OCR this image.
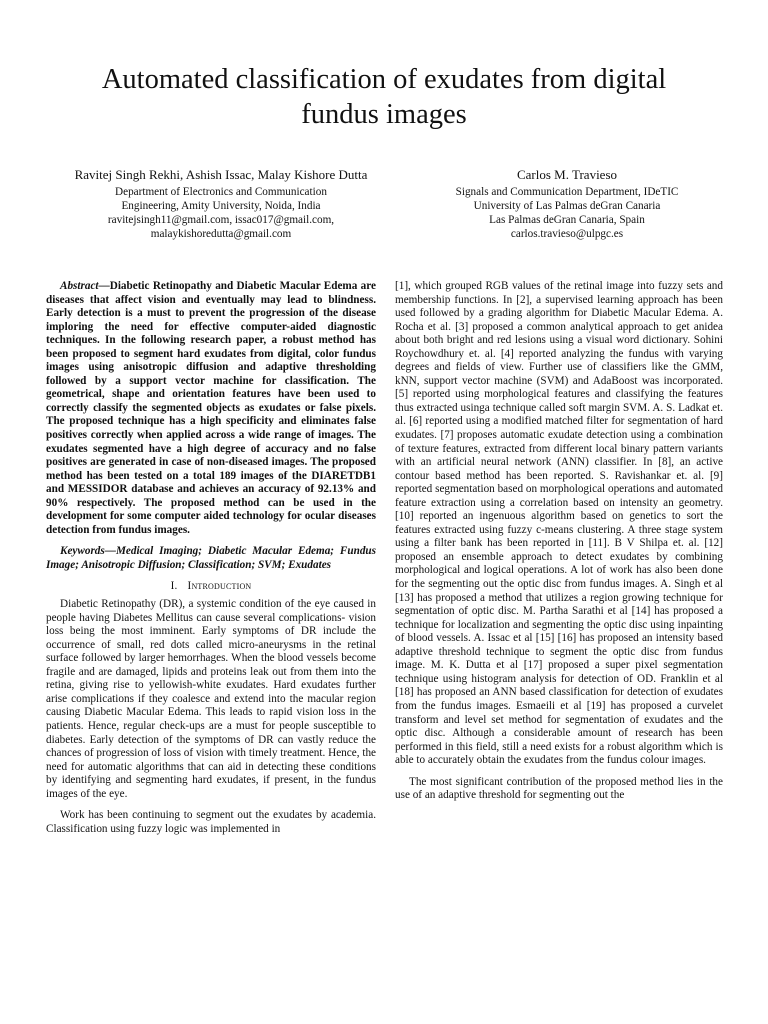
Automated classification of exudates from digital fundus images
Ravitej Singh Rekhi, Ashish Issac, Malay Kishore Dutta
Department of Electronics and Communication
Engineering, Amity University, Noida, India
ravitejsingh11@gmail.com, issac017@gmail.com,
malaykishoredutta@gmail.com
Carlos M. Travieso
Signals and Communication Department, IDeTIC
University of Las Palmas deGran Canaria
Las Palmas deGran Canaria, Spain
carlos.travieso@ulpgc.es

Abstract—Diabetic Retinopathy and Diabetic Macular Edema are diseases that affect vision and eventually may lead to blindness. Early detection is a must to prevent the progression of the disease imploring the need for effective computer-aided diagnostic techniques. In the following research paper, a robust method has been proposed to segment hard exudates from digital, color fundus images using anisotropic diffusion and adaptive thresholding followed by a support vector machine for classification. The geometrical, shape and orientation features have been used to correctly classify the segmented objects as exudates or false pixels. The proposed technique has a high specificity and eliminates false positives correctly when applied across a wide range of images. The exudates segmented have a high degree of accuracy and no false positives are generated in case of non-diseased images. The proposed method has been tested on a total 189 images of the DIARETDB1 and MESSIDOR database and achieves an accuracy of 92.13% and 90% respectively. The proposed method can be used in the development for some computer aided technology for ocular diseases detection from fundus images.

Keywords—Medical Imaging; Diabetic Macular Edema; Fundus Image; Anisotropic Diffusion; Classification; SVM; Exudates

I. Introduction

Diabetic Retinopathy (DR), a systemic condition of the eye caused in people having Diabetes Mellitus can cause several complications- vision loss being the most imminent. Early symptoms of DR include the occurrence of small, red dots called micro-aneurysms in the retinal surface followed by larger hemorrhages. When the blood vessels become fragile and are damaged, lipids and proteins leak out from them into the retina, giving rise to yellowish-white exudates. Hard exudates further arise complications if they coalesce and extend into the macular region causing Diabetic Macular Edema. This leads to rapid vision loss in the patients. Hence, regular check-ups are a must for people susceptible to diabetes. Early detection of the symptoms of DR can vastly reduce the chances of progression of loss of vision with timely treatment. Hence, the need for automatic algorithms that can aid in detecting these conditions by identifying and segmenting hard exudates, if present, in the fundus images of the eye.

Work has been continuing to segment out the exudates by academia. Classification using fuzzy logic was implemented in

[1], which grouped RGB values of the retinal image into fuzzy sets and membership functions. In [2], a supervised learning approach has been used followed by a grading algorithm for Diabetic Macular Edema. A. Rocha et al. [3] proposed a common analytical approach to get anidea about both bright and red lesions using a visual word dictionary. Sohini Roychowdhury et. al. [4] reported analyzing the fundus with varying degrees and fields of view. Further use of classifiers like the GMM, kNN, support vector machine (SVM) and AdaBoost was incorporated. [5] reported using morphological features and classifying the features thus extracted usinga technique called soft margin SVM. A. S. Ladkat et. al. [6] reported using a modified matched filter for segmentation of hard exudates. [7] proposes automatic exudate detection using a combination of texture features, extracted from different local binary pattern variants with an artificial neural network (ANN) classifier. In [8], an active contour based method has been reported. S. Ravishankar et. al. [9] reported segmentation based on morphological operations and automated feature extraction using a correlation based on intensity an geometry. [10] reported an ingenuous algorithm based on genetics to sort the features extracted using fuzzy c-means clustering. A three stage system using a filter bank has been reported in [11]. B V Shilpa et. al. [12] proposed an ensemble approach to detect exudates by combining morphological and logical operations. A lot of work has also been done for the segmenting out the optic disc from fundus images. A. Singh et al [13] has proposed a method that utilizes a region growing technique for segmentation of optic disc. M. Partha Sarathi et al [14] has proposed a technique for localization and segmenting the optic disc using inpainting of blood vessels. A. Issac et al [15] [16] has proposed an intensity based adaptive threshold technique to segment the optic disc from fundus image. M. K. Dutta et al [17] proposed a super pixel segmentation technique using histogram analysis for detection of OD. Franklin et al [18] has proposed an ANN based classification for detection of exudates from the fundus images. Esmaeili et al [19] has proposed a curvelet transform and level set method for segmentation of exudates and the optic disc. Although a considerable amount of research has been performed in this field, still a need exists for a robust algorithm which is able to accurately obtain the exudates from the fundus colour images.

The most significant contribution of the proposed method lies in the use of an adaptive threshold for segmenting out the
